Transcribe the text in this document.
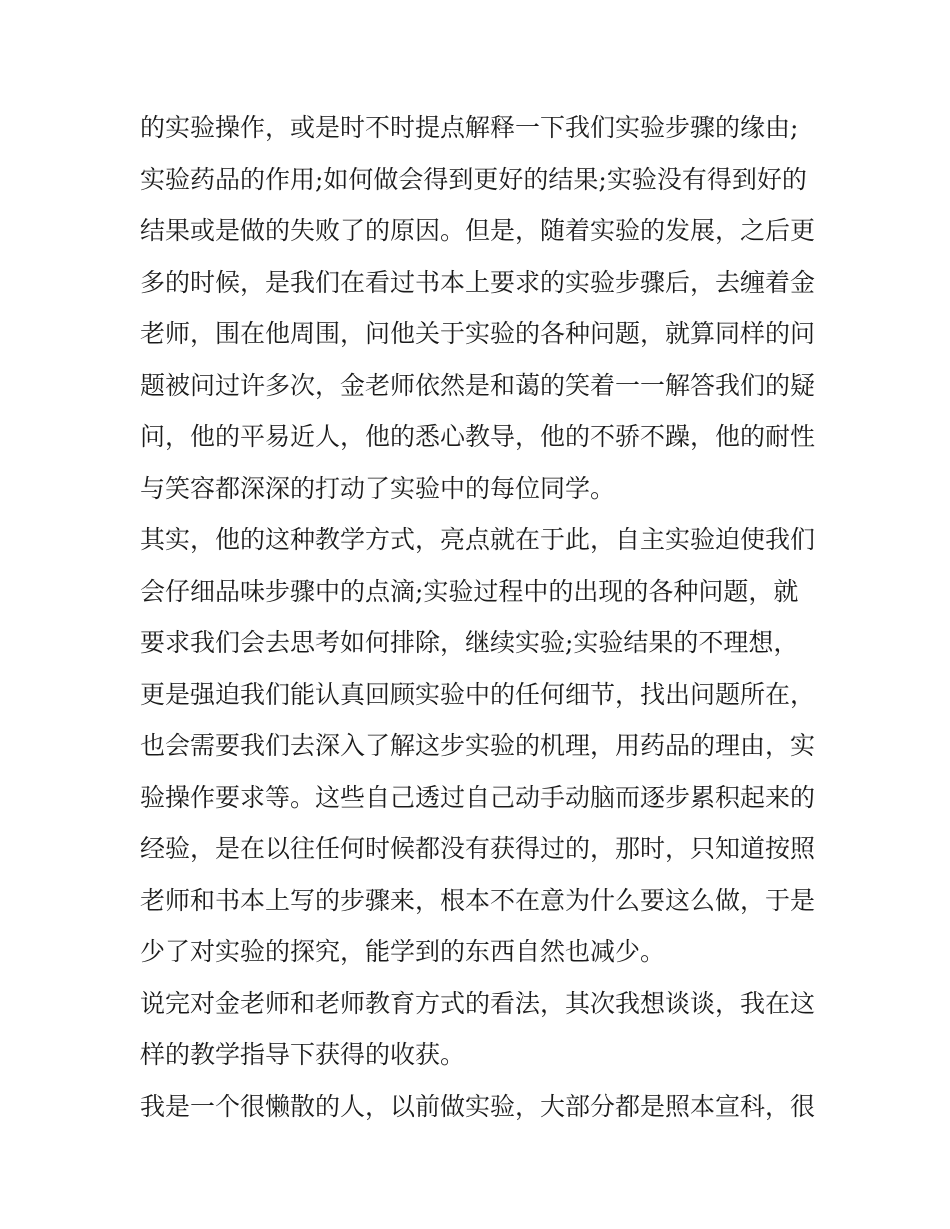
的实验操作，或是时不时提点解释一下我们实验步骤的缘由;
实验药品的作用;如何做会得到更好的结果;实验没有得到好的
结果或是做的失败了的原因。但是，随着实验的发展，之后更
多的时候，是我们在看过书本上要求的实验步骤后，去缠着金
老师，围在他周围，问他关于实验的各种问题，就算同样的问
题被问过许多次，金老师依然是和蔼的笑着一一解答我们的疑
问，他的平易近人，他的悉心教导，他的不骄不躁，他的耐性
与笑容都深深的打动了实验中的每位同学。
其实，他的这种教学方式，亮点就在于此，自主实验迫使我们
会仔细品味步骤中的点滴;实验过程中的出现的各种问题，就
要求我们会去思考如何排除，继续实验;实验结果的不理想，
更是强迫我们能认真回顾实验中的任何细节，找出问题所在，
也会需要我们去深入了解这步实验的机理，用药品的理由，实
验操作要求等。这些自己透过自己动手动脑而逐步累积起来的
经验，是在以往任何时候都没有获得过的，那时，只知道按照
老师和书本上写的步骤来，根本不在意为什么要这么做，于是
少了对实验的探究，能学到的东西自然也减少。
说完对金老师和老师教育方式的看法，其次我想谈谈，我在这
样的教学指导下获得的收获。
我是一个很懒散的人，以前做实验，大部分都是照本宣科，很
